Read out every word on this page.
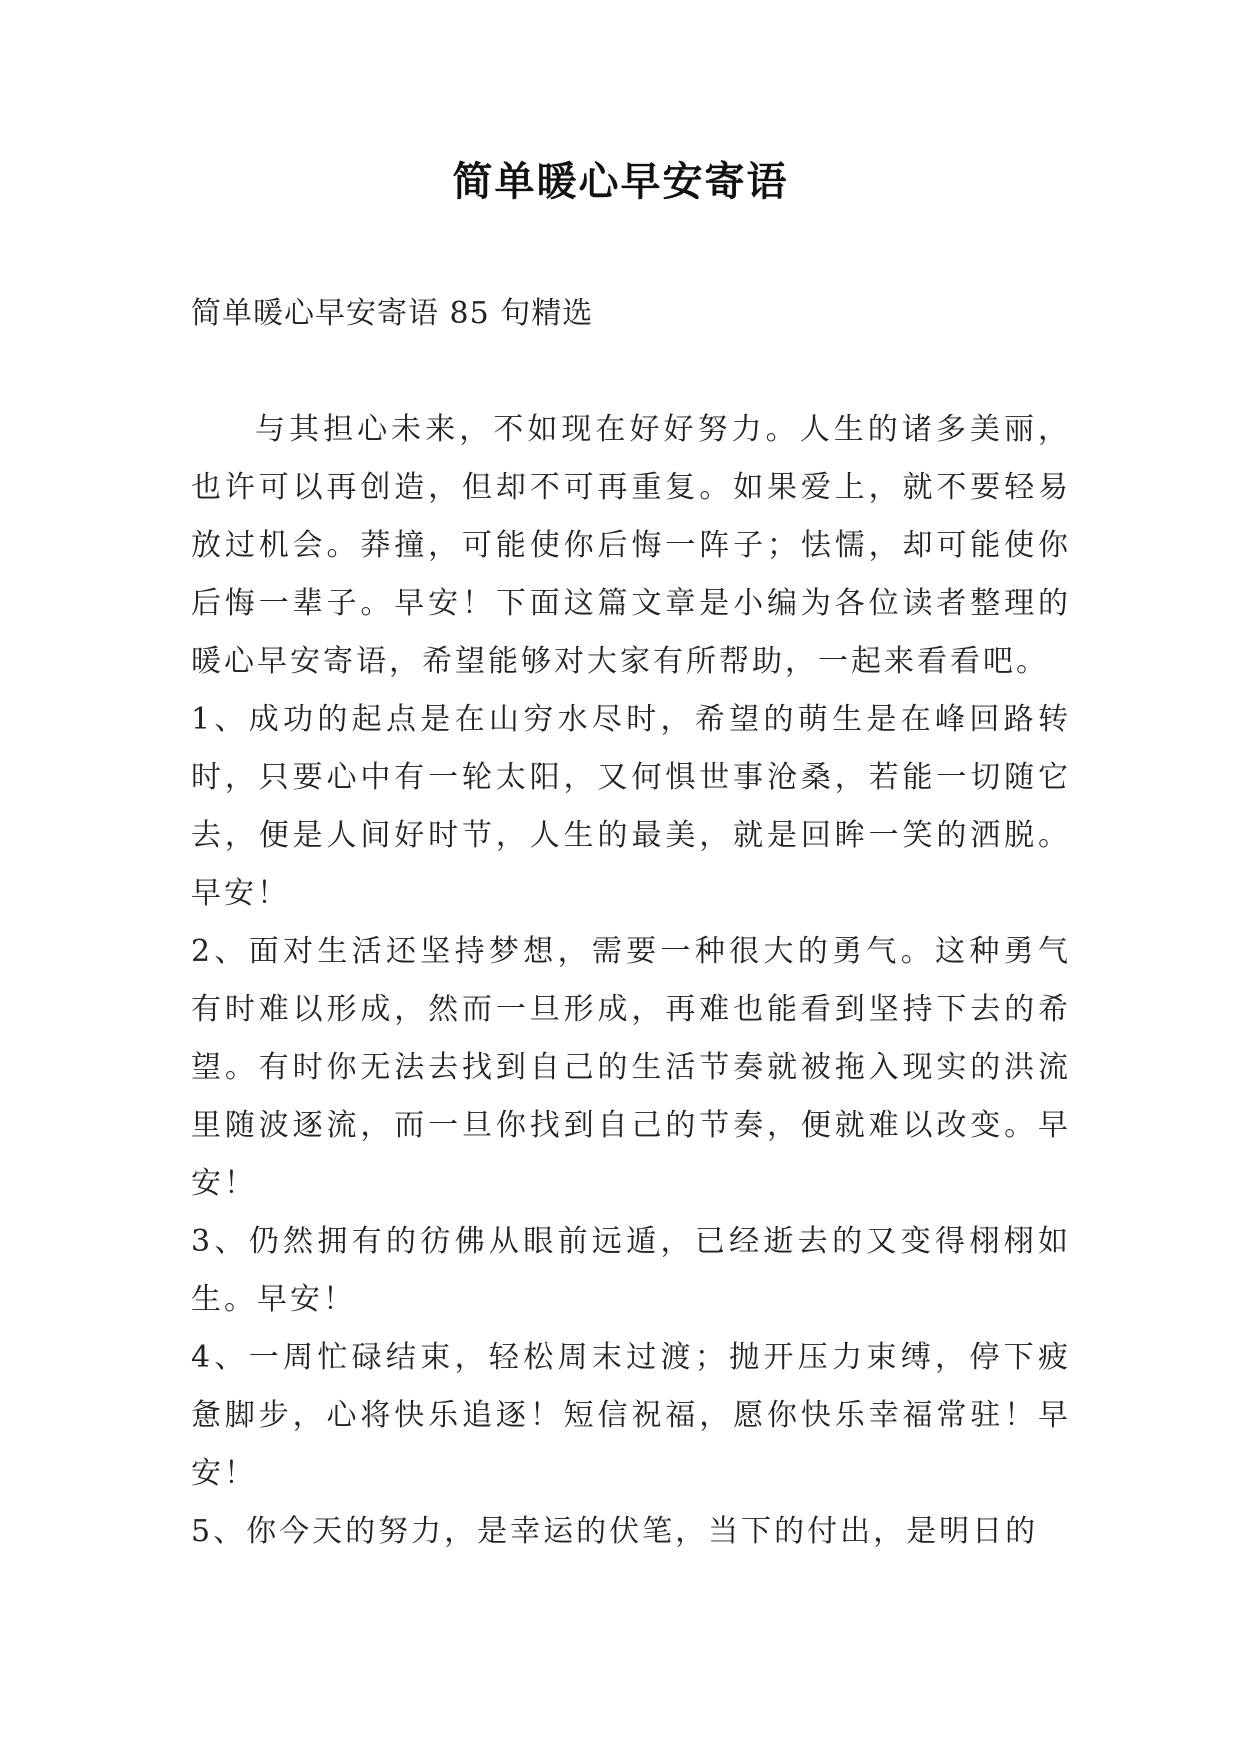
简单暖心早安寄语

简单暖心早安寄语 85 句精选

与其担心未来，不如现在好好努力。人生的诸多美丽，也许可以再创造，但却不可再重复。如果爱上，就不要轻易放过机会。莽撞，可能使你后悔一阵子；怯懦，却可能使你后悔一辈子。早安！下面这篇文章是小编为各位读者整理的暖心早安寄语，希望能够对大家有所帮助，一起来看看吧。

1、成功的起点是在山穷水尽时，希望的萌生是在峰回路转时，只要心中有一轮太阳，又何惧世事沧桑，若能一切随它去，便是人间好时节，人生的最美，就是回眸一笑的洒脱。早安！

2、面对生活还坚持梦想，需要一种很大的勇气。这种勇气有时难以形成，然而一旦形成，再难也能看到坚持下去的希望。有时你无法去找到自己的生活节奏就被拖入现实的洪流里随波逐流，而一旦你找到自己的节奏，便就难以改变。早安！

3、仍然拥有的彷佛从眼前远遁，已经逝去的又变得栩栩如生。早安！

4、一周忙碌结束，轻松周末过渡；抛开压力束缚，停下疲惫脚步，心将快乐追逐！短信祝福，愿你快乐幸福常驻！早安！

5、你今天的努力，是幸运的伏笔，当下的付出，是明日的
